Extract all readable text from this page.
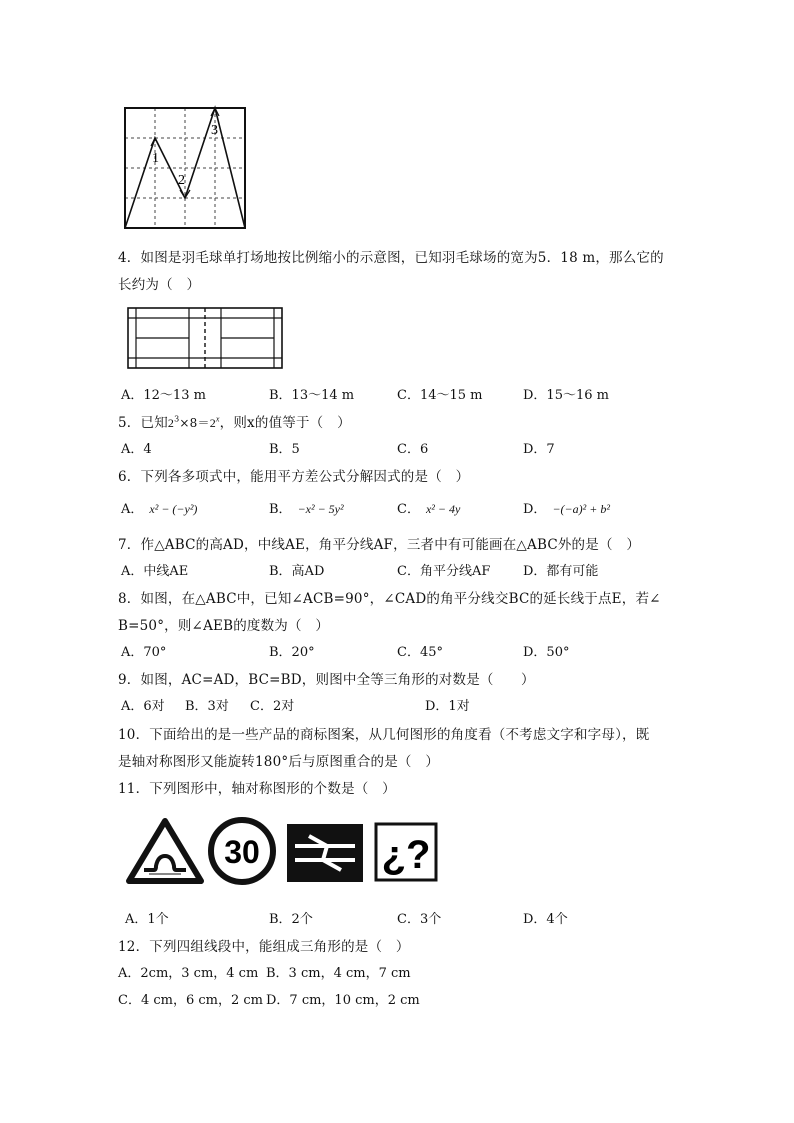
1
2
3
4．如图是羽毛球单打场地按比例缩小的示意图，已知羽毛球场的宽为5．18 m，那么它的
长约为（　）
A．12～13 m	B．13～14 m	C．14～15 m	D．15～16 m
5．已知$2^3\times 8=2^x$，则x的值等于（　）
A．4	B．5	C．6	D．7
6．下列各多项式中，能用平方差公式分解因式的是（　）
A． x² − (−y²)	B． −x² − 5y²	C． x² − 4y	D． −(−a)² + b²
7．作△ABC的高AD，中线AE，角平分线AF，三者中有可能画在△ABC外的是（　）
A．中线AE	B．高AD	C．角平分线AF	D．都有可能
8．如图，在△ABC中，已知∠ACB=90°，∠CAD的角平分线交BC的延长线于点E，若∠
B=50°，则∠AEB的度数为（　）
A．70°	B．20°	C．45°	D．50°
9．如图，AC=AD，BC=BD，则图中全等三角形的对数是（　　）
A．6对 B．3对 C．2对	D．1对
10．下面给出的是一些产品的商标图案，从几何图形的角度看（不考虑文字和字母），既
是轴对称图形又能旋转180°后与原图重合的是（　）
11．下列图形中，轴对称图形的个数是（　）
30	¿?
A．1个	B．2个	C．3个	D．4个
12．下列四组线段中，能组成三角形的是（　）
A．2cm，3 cm，4 cm B．3 cm，4 cm，7 cm
C．4 cm，6 cm，2 cm D．7 cm，10 cm，2 cm
